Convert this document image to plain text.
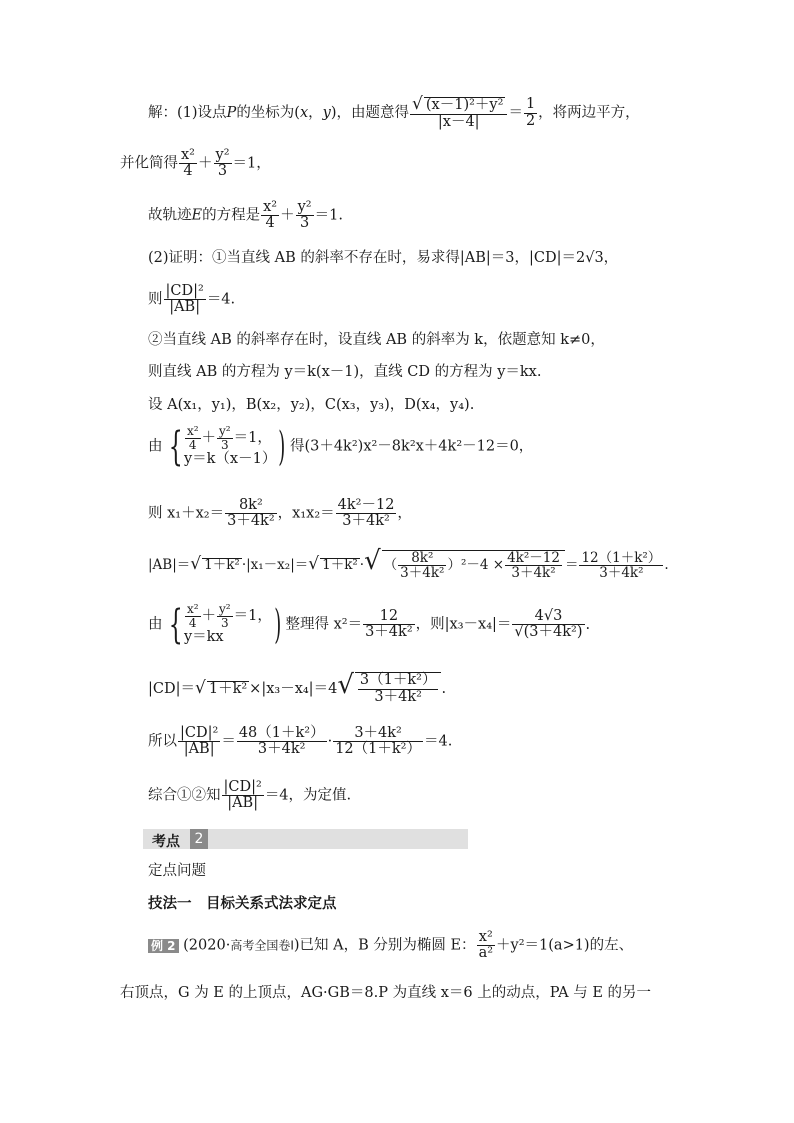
解：(1)设点P的坐标为(x，y)，由题意得 $\frac{\text{√ (x－1)²＋y²}}{|x-4|} = \frac{1}{2}$ ，将两边平方，
并化简得 $\frac{\text{x²}}{4} + \frac{\text{y²}}{3} =1$，
故轨迹E的方程是 $\frac{\text{x²}}{4} + \frac{\text{y²}}{3} =1$.
(2)证明：①当直线 AB 的斜率不存在时，易求得|AB|＝3，|CD|＝2√3，
则 $\frac{\text{|CD|²}}{|AB|} =4$.
②当直线 AB 的斜率存在时，设直线 AB 的斜率为 k，依题意知 k≠0，
则直线 AB 的方程为 y＝k(x－1)，直线 CD 的方程为 y＝kx.
设 A(x₁，y₁)，B(x₂，y₂)，C(x₃，y₃)，D(x₄，y₄).
由 { $\frac{\text{x²}}{4} + \frac{\text{y²}}{3} =1$，
y＝k（x－1） ) 得(3＋4k²)x²－8k²x＋4k²－12＝0，
则 $x_1+x_2= \frac{\text{8k²}}{\text{3＋4k²}}$ ，$x_1x_2= \frac{\text{4k²－12}}{\text{3＋4k²}}$ ，
|AB|＝√ 1＋k² ·|x₁－x₂|＝√ 1＋k² ·√ （ $\frac{\text{8k²}}{\text{3＋4k²}} )^2-4 \times \frac{\text{4k²－12}}{\text{3＋4k²}} = \frac{\text{12（1＋k²）}}{\text{3＋4k²}}$ .
由 { $\frac{\text{x²}}{4} + \frac{\text{y²}}{3} =1$，
y＝kx	) 整理得 $x^2= \frac{12}{\text{3＋4k²}}$ ，则$|x_3-x_4|= \frac{4√3}{\text{√(3＋4k²)}}$ .
|CD|＝√ $1+k^2 \times|x_3-x_4|=4√ \frac{\text{3（1＋k²）}}{\text{3＋4k²}}$ .
所以 $\frac{\text{|CD|²}}{|AB|} = \frac{\text{48（1＋k²）}}{\text{3＋4k²}} \cdot \frac{\text{3＋4k²}}{\text{12（1＋k²）}} =4$.
综合①②知 $\frac{\text{|CD|²}}{|AB|} =4$，为定值.
考点	2
定点问题
技法一　目标关系式法求定点
例 2 (2020·高考全国卷Ⅰ)已知 A，B 分别为椭圆 E： $\frac{\text{x²}}{\text{a²}} +y^2=1(a>1)$的左、
右顶点，G 为 E 的上顶点，AG·GB＝8.P 为直线 x＝6 上的动点，PA 与 E 的另一
